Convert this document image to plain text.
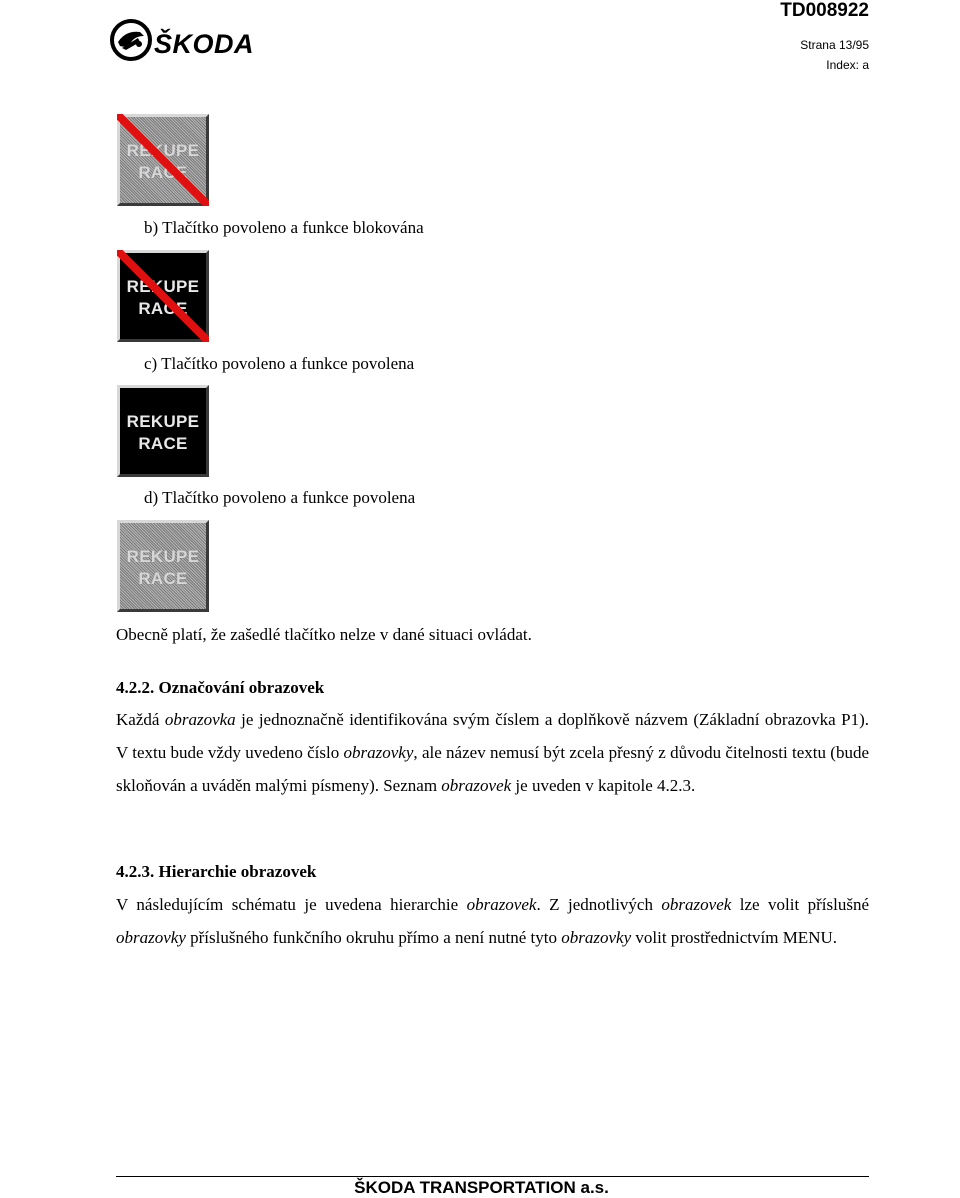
ŠKODA
TD008922
Strana 13/95
Index: a
REKUPE
RACE
b) Tlačítko povoleno a funkce blokována
REKUPE
RACE
c) Tlačítko povoleno a funkce povolena
REKUPE
RACE
d) Tlačítko povoleno a funkce povolena
REKUPE
RACE
Obecně platí, že zašedlé tlačítko nelze v dané situaci ovládat.
4.2.2. Označování obrazovek
Každá obrazovka je jednoznačně identifikována svým číslem a doplňkově názvem (Základní obrazovka P1). V textu bude vždy uvedeno číslo obrazovky, ale název nemusí být zcela přesný z důvodu čitelnosti textu (bude skloňován a uváděn malými písmeny). Seznam obrazovek je uveden v kapitole 4.2.3.
4.2.3. Hierarchie obrazovek
V následujícím schématu je uvedena hierarchie obrazovek. Z jednotlivých obrazovek lze volit příslušné obrazovky příslušného funkčního okruhu přímo a není nutné tyto obrazovky volit prostřednictvím MENU.
ŠKODA TRANSPORTATION a.s.
